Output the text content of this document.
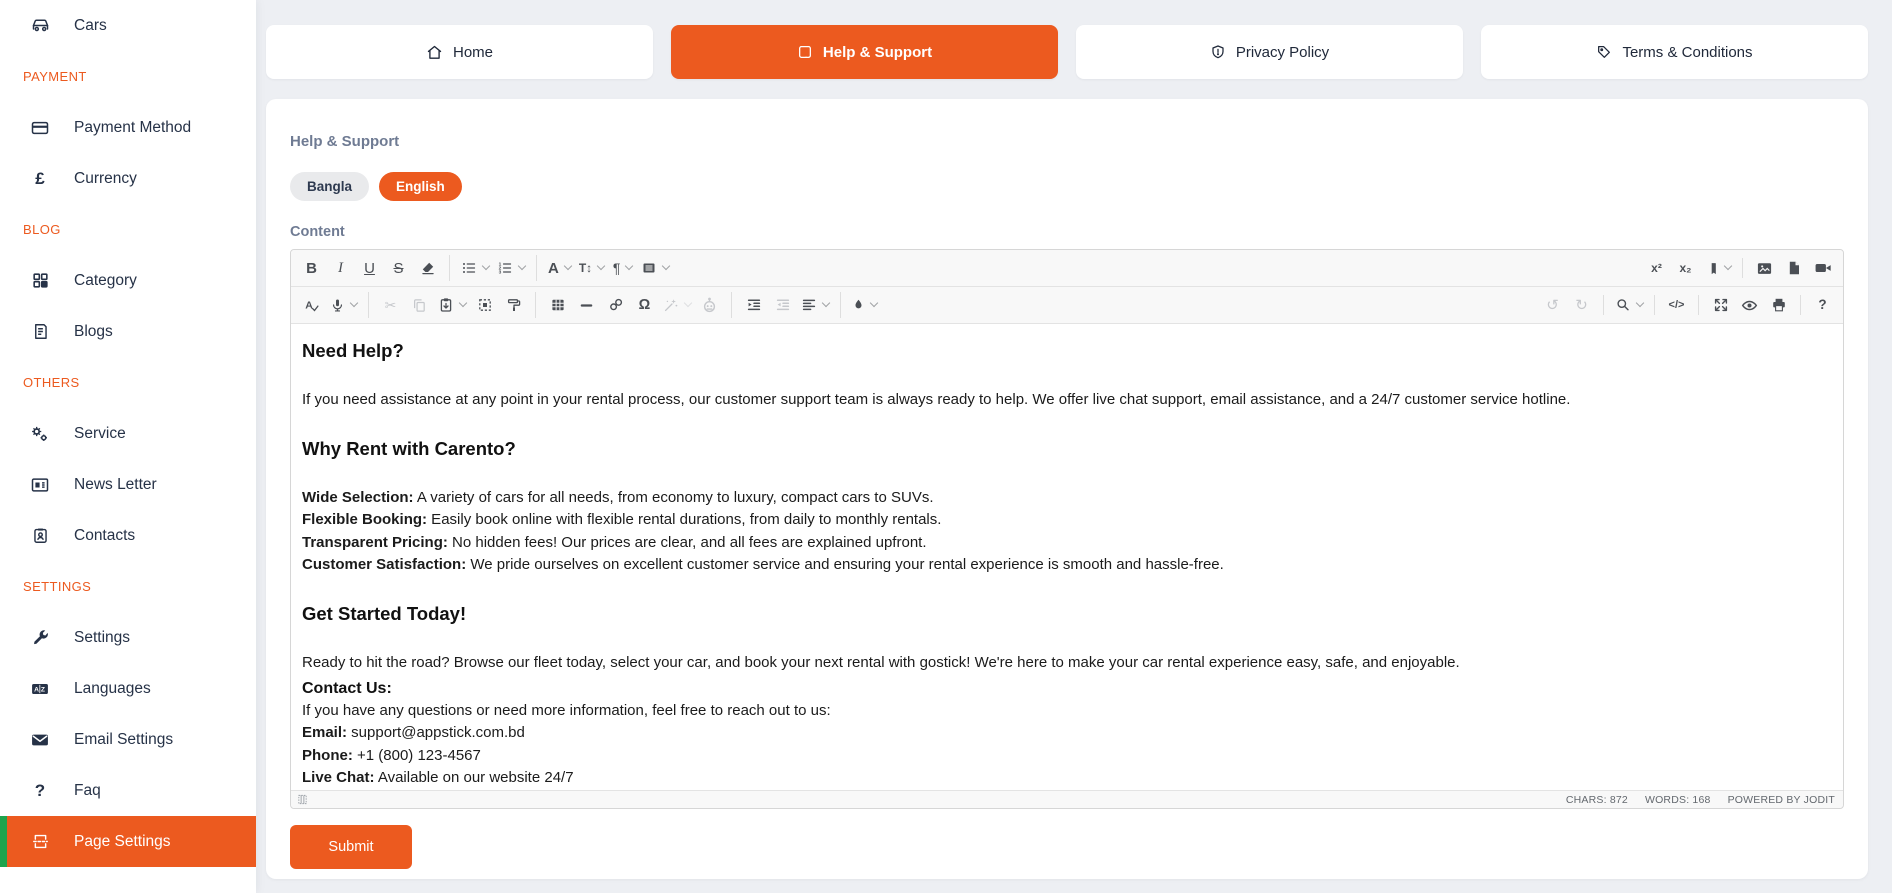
Cars
PAYMENT
Payment Method
£	Currency
BLOG
Category
Blogs
OTHERS
Service
News Letter
Contacts
SETTINGS
Settings
A Z Languages
Email Settings
?	Faq
Page Settings
Home	Help & Support	Privacy Policy	Terms & Conditions
Help & Support
Bangla	English
Content
B I U S	1
2
3	A T↕ ¶	x² x₂
A	✂	Ω	↺ ↻	</>	?
Need Help?

If you need assistance at any point in your rental process, our customer support team is always ready to help. We offer live chat support, email assistance, and a 24/7 customer service hotline.

Why Rent with Carento?
Wide Selection: A variety of cars for all needs, from economy to luxury, compact cars to SUVs.
Flexible Booking: Easily book online with flexible rental durations, from daily to monthly rentals.
Transparent Pricing: No hidden fees! Our prices are clear, and all fees are explained upfront.
Customer Satisfaction: We pride ourselves on excellent customer service and ensuring your rental experience is smooth and hassle-free.
Get Started Today!

Ready to hit the road? Browse our fleet today, select your car, and book your next rental with gostick! We're here to make your car rental experience easy, safe, and enjoyable.

Contact Us:
If you have any questions or need more information, feel free to reach out to us:
Email: support@appstick.com.bd
Phone: +1 (800) 123-4567
Live Chat: Available on our website 24/7
CHARS: 872 WORDS: 168 POWERED BY JODIT
Submit
